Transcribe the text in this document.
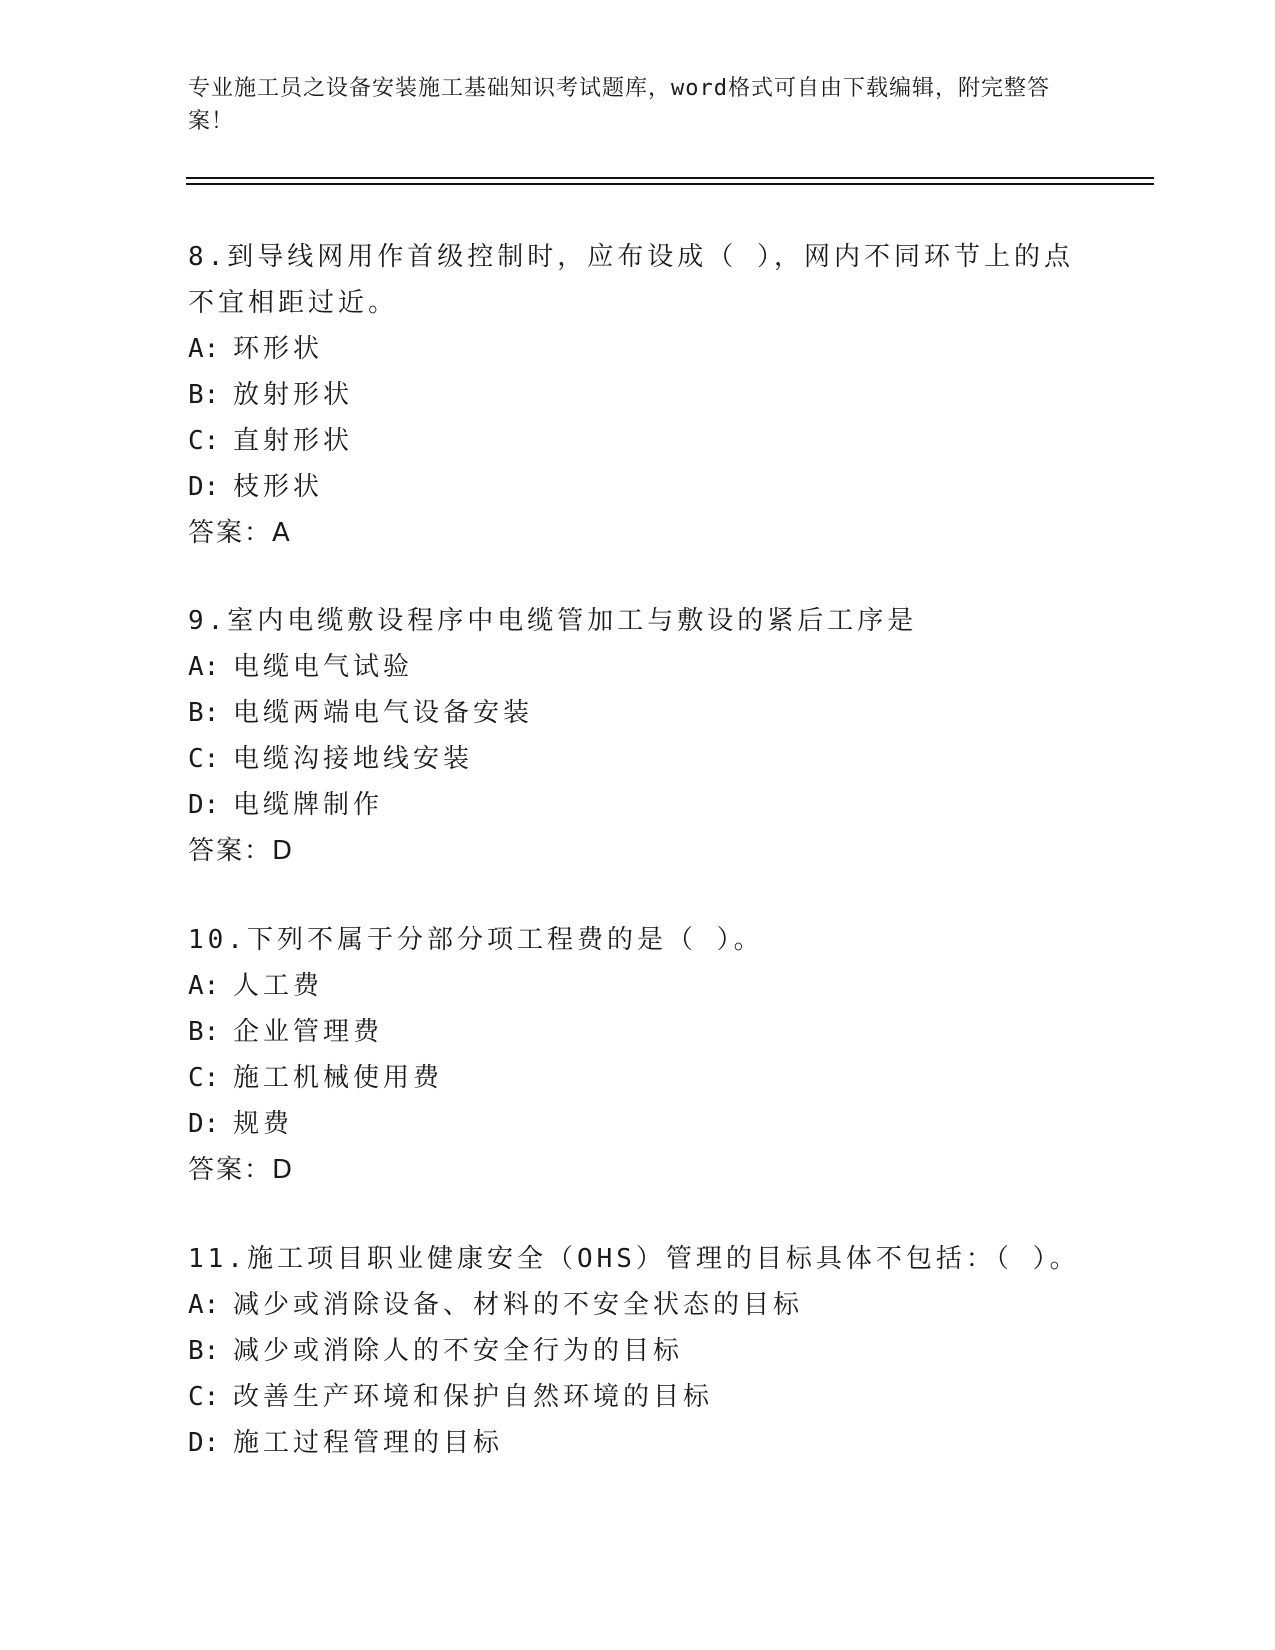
专业施工员之设备安装施工基础知识考试题库，word格式可自由下载编辑，附完整答案！

8.到导线网用作首级控制时，应布设成（ ），网内不同环节上的点不宜相距过近。

A: 环形状

B: 放射形状

C: 直射形状

D: 枝形状

答案：A

9.室内电缆敷设程序中电缆管加工与敷设的紧后工序是

A: 电缆电气试验

B: 电缆两端电气设备安装

C: 电缆沟接地线安装

D: 电缆牌制作

答案：D

10.下列不属于分部分项工程费的是（ ）。

A: 人工费

B: 企业管理费

C: 施工机械使用费

D: 规费

答案：D

11.施工项目职业健康安全（OHS）管理的目标具体不包括：（ ）。

A: 减少或消除设备、材料的不安全状态的目标

B: 减少或消除人的不安全行为的目标

C: 改善生产环境和保护自然环境的目标

D: 施工过程管理的目标
